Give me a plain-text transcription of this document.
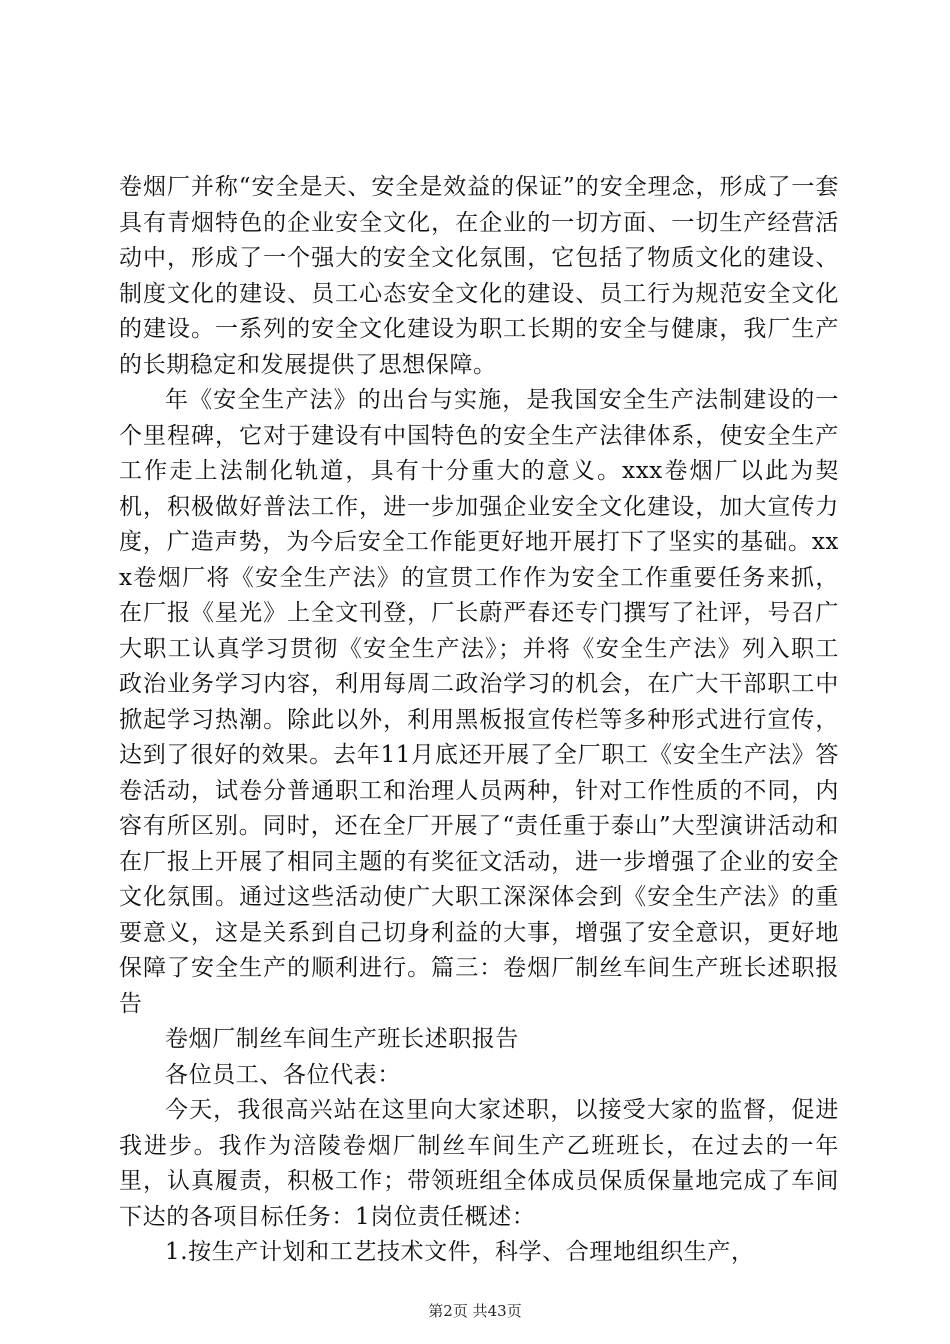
卷烟厂并称“安全是天、安全是效益的保证”的安全理念，形成了一套具有青烟特色的企业安全文化，在企业的一切方面、一切生产经营活动中，形成了一个强大的安全文化氛围，它包括了物质文化的建设、制度文化的建设、员工心态安全文化的建设、员工行为规范安全文化的建设。一系列的安全文化建设为职工长期的安全与健康，我厂生产的长期稳定和发展提供了思想保障。

年《安全生产法》的出台与实施，是我国安全生产法制建设的一个里程碑，它对于建设有中国特色的安全生产法律体系，使安全生产工作走上法制化轨道，具有十分重大的意义。xxx卷烟厂以此为契机，积极做好普法工作，进一步加强企业安全文化建设，加大宣传力度，广造声势，为今后安全工作能更好地开展打下了坚实的基础。xxx卷烟厂将《安全生产法》的宣贯工作作为安全工作重要任务来抓，在厂报《星光》上全文刊登，厂长蔚严春还专门撰写了社评，号召广大职工认真学习贯彻《安全生产法》；并将《安全生产法》列入职工政治业务学习内容，利用每周二政治学习的机会，在广大干部职工中掀起学习热潮。除此以外，利用黑板报宣传栏等多种形式进行宣传，达到了很好的效果。去年11月底还开展了全厂职工《安全生产法》答卷活动，试卷分普通职工和治理人员两种，针对工作性质的不同，内容有所区别。同时，还在全厂开展了“责任重于泰山”大型演讲活动和在厂报上开展了相同主题的有奖征文活动，进一步增强了企业的安全文化氛围。通过这些活动使广大职工深深体会到《安全生产法》的重要意义，这是关系到自己切身利益的大事，增强了安全意识，更好地保障了安全生产的顺利进行。篇三：卷烟厂制丝车间生产班长述职报告

卷烟厂制丝车间生产班长述职报告

各位员工、各位代表：

今天，我很高兴站在这里向大家述职，以接受大家的监督，促进我进步。我作为涪陵卷烟厂制丝车间生产乙班班长，在过去的一年里，认真履责，积极工作；带领班组全体成员保质保量地完成了车间下达的各项目标任务：1岗位责任概述：

1.按生产计划和工艺技术文件，科学、合理地组织生产，

第2页 共43页
